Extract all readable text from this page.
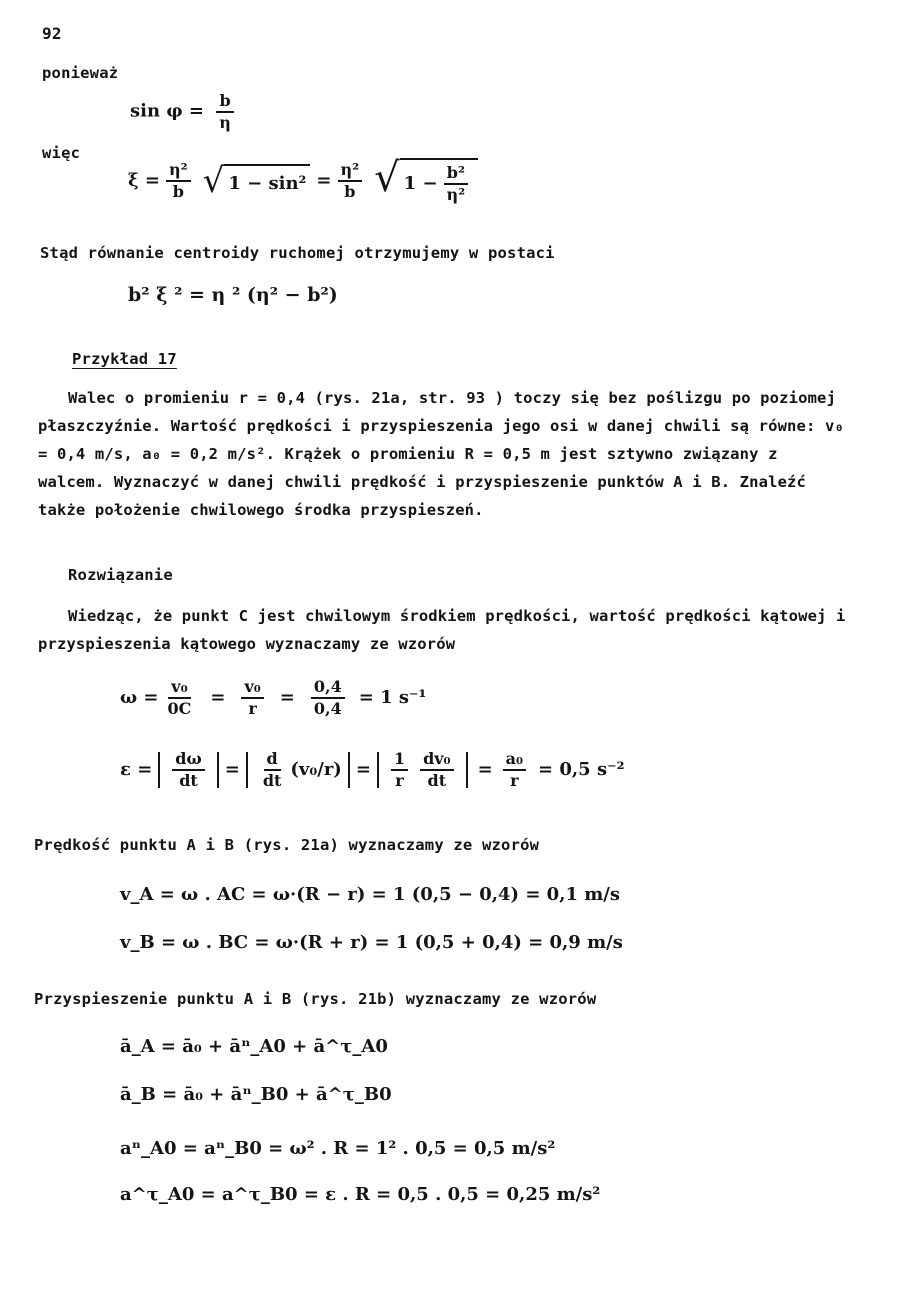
92
ponieważ
$\sin \varphi = \frac{b}{\eta}$
więc
$\xi = \frac{\text{η²}}{b}$ √ $1 - \sin^2 = \frac{\text{η²}}{b}$ √ $1 - \frac{\text{b²}}{\text{η²}}$
Stąd równanie centroidy ruchomej otrzymujemy w postaci
b² ξ ² = η ² (η² − b²)
Przykład 17
Walec o promieniu r = 0,4 (rys. 21a, str. 93 ) toczy się bez poślizgu po poziomej płaszczyźnie. Wartość prędkości i przyspieszenia jego osi w danej chwili są równe: v₀ = 0,4 m/s, a₀ = 0,2 m/s². Krążek o promieniu R = 0,5 m jest sztywno związany z walcem. Wyznaczyć w danej chwili prędkość i przyspieszenie punktów A i B. Znaleźć także położenie chwilowego środka przyspieszeń.
Rozwiązanie
Wiedząc, że punkt C jest chwilowym środkiem prędkości, wartość prędkości kątowej i przyspieszenia kątowego wyznaczamy ze wzorów
$\omega = \frac{\text{v₀}}{0C} = \frac{\text{v₀}}{r} = \frac{0,4}{0,4} = 1$ s⁻¹
$\varepsilon = \frac{d\omega}{dt} = \frac{d}{dt} (v_0/r) = \frac{1}{r} \frac{\text{dv₀}}{dt} = \frac{\text{a₀}}{r} = 0,5$ s⁻²
Prędkość punktu A i B (rys. 21a) wyznaczamy ze wzorów
v_A = ω . AC = ω·(R − r) = 1 (0,5 − 0,4) = 0,1 m/s
v_B = ω . BC = ω·(R + r) = 1 (0,5 + 0,4) = 0,9 m/s
Przyspieszenie punktu A i B (rys. 21b) wyznaczamy ze wzorów
ā_A = ā₀ + āⁿ_A0 + ā^τ_A0
ā_B = ā₀ + āⁿ_B0 + ā^τ_B0
aⁿ_A0 = aⁿ_B0 = ω² . R = 1² . 0,5 = 0,5 m/s²
a^τ_A0 = a^τ_B0 = ε . R = 0,5 . 0,5 = 0,25 m/s²
